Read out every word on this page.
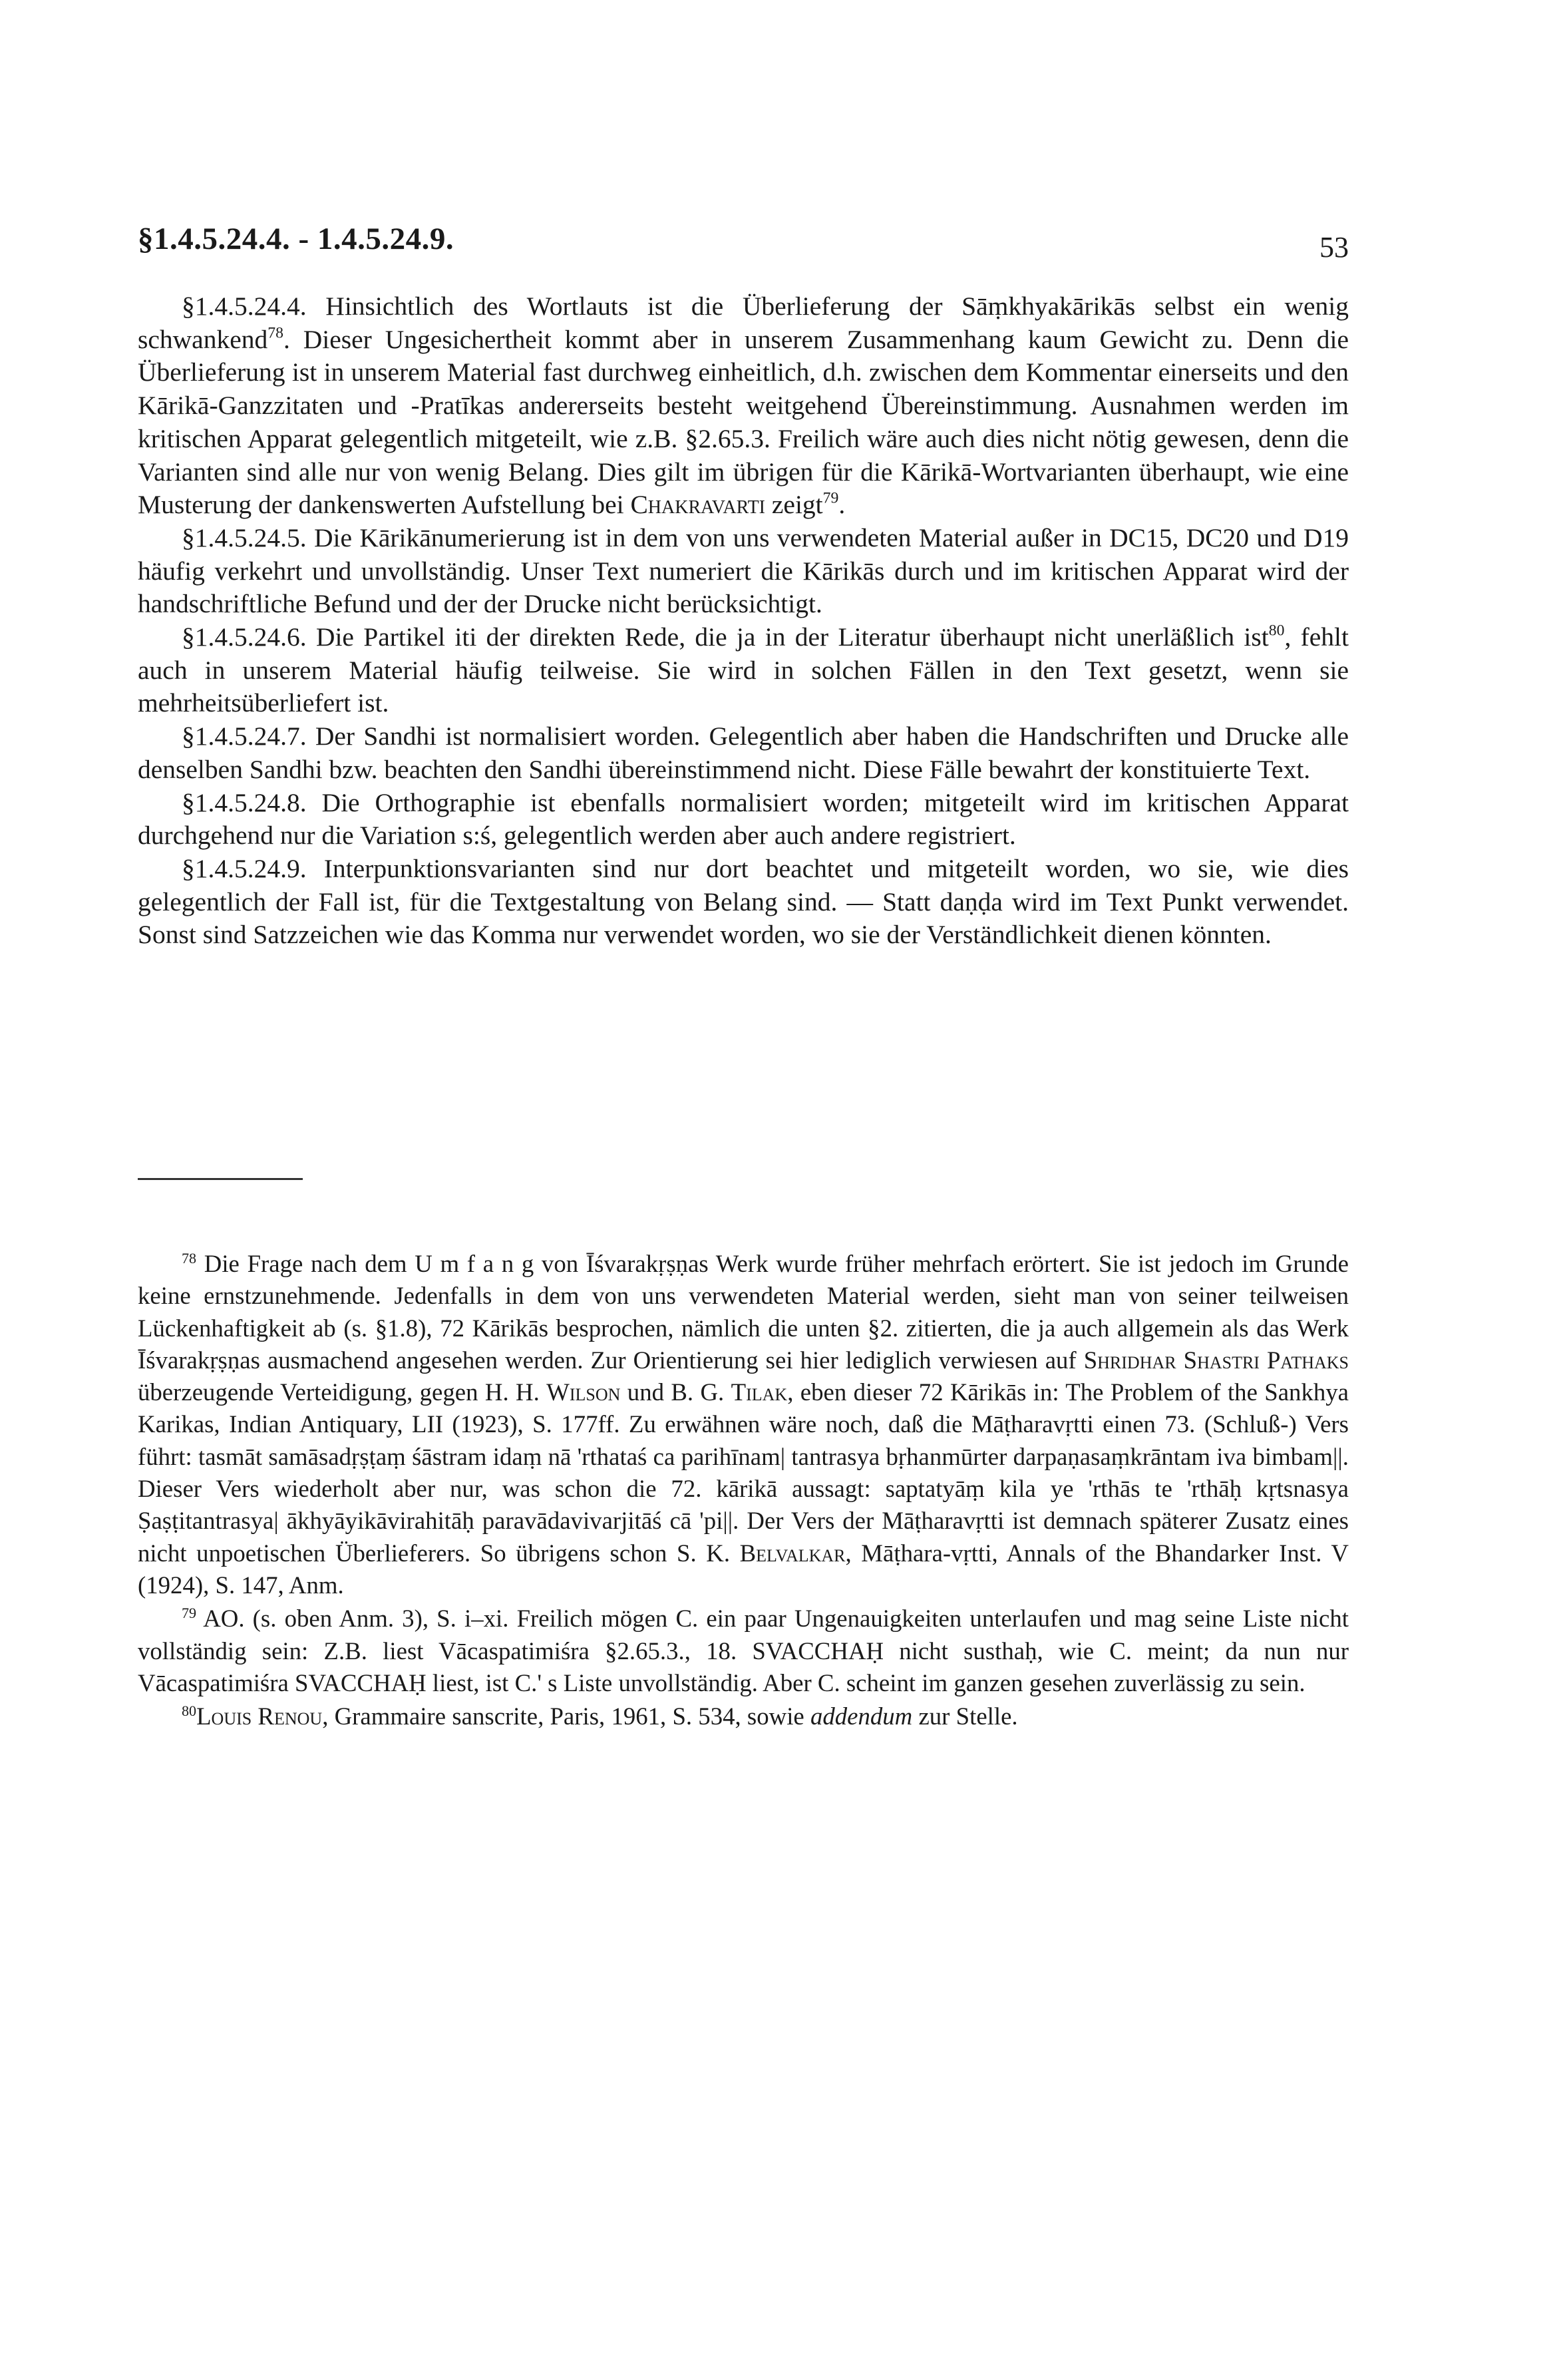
§1.4.5.24.4. - 1.4.5.24.9.	53

§1.4.5.24.4. Hinsichtlich des Wortlauts ist die Überlieferung der Sāṃkhyakārikās selbst ein wenig schwankend$^{78}$. Dieser Ungesichertheit kommt aber in unserem Zusammenhang kaum Gewicht zu. Denn die Überlieferung ist in unserem Material fast durchweg einheitlich, d.h. zwischen dem Kommentar einerseits und den Kārikā-Ganzzitaten und -Pratīkas andererseits besteht weitgehend Übereinstimmung. Ausnahmen werden im kritischen Apparat gelegentlich mitgeteilt, wie z.B. §2.65.3. Freilich wäre auch dies nicht nötig gewesen, denn die Varianten sind alle nur von wenig Belang. Dies gilt im übrigen für die Kārikā-Wortvarianten überhaupt, wie eine Musterung der dankenswerten Aufstellung bei Chakravarti zeigt$^{79}$.

§1.4.5.24.5. Die Kārikānumerierung ist in dem von uns verwendeten Material außer in DC15, DC20 und D19 häufig verkehrt und unvollständig. Unser Text numeriert die Kārikās durch und im kritischen Apparat wird der handschriftliche Befund und der der Drucke nicht berücksichtigt.

§1.4.5.24.6. Die Partikel iti der direkten Rede, die ja in der Literatur überhaupt nicht unerläßlich ist$^{80}$, fehlt auch in unserem Material häufig teilweise. Sie wird in solchen Fällen in den Text gesetzt, wenn sie mehrheitsüberliefert ist.

§1.4.5.24.7. Der Sandhi ist normalisiert worden. Gelegentlich aber haben die Handschriften und Drucke alle denselben Sandhi bzw. beachten den Sandhi übereinstimmend nicht. Diese Fälle bewahrt der konstituierte Text.

§1.4.5.24.8. Die Orthographie ist ebenfalls normalisiert worden; mitgeteilt wird im kritischen Apparat durchgehend nur die Variation s:ś, gelegentlich werden aber auch andere registriert.

§1.4.5.24.9. Interpunktionsvarianten sind nur dort beachtet und mitgeteilt worden, wo sie, wie dies gelegentlich der Fall ist, für die Textgestaltung von Belang sind. — Statt daṇḍa wird im Text Punkt verwendet. Sonst sind Satzzeichen wie das Komma nur verwendet worden, wo sie der Verständlichkeit dienen könnten.

$^{78}$ Die Frage nach dem U m f a n g von Īśvarakṛṣṇas Werk wurde früher mehrfach erörtert. Sie ist jedoch im Grunde keine ernstzunehmende. Jedenfalls in dem von uns verwendeten Material werden, sieht man von seiner teilweisen Lückenhaftigkeit ab (s. §1.8), 72 Kārikās besprochen, nämlich die unten §2. zitierten, die ja auch allgemein als das Werk Īśvarakṛṣṇas ausmachend angesehen werden. Zur Orientierung sei hier lediglich verwiesen auf Shridhar Shastri Pathaks überzeugende Verteidigung, gegen H. H. Wilson und B. G. Tilak, eben dieser 72 Kārikās in: The Problem of the Sankhya Karikas, Indian Antiquary, LII (1923), S. 177ff. Zu erwähnen wäre noch, daß die Māṭharavṛtti einen 73. (Schluß-) Vers führt: tasmāt samāsadṛṣṭaṃ śāstram idaṃ nā 'rthataś ca parihīnam| tantrasya bṛhanmūrter darpaṇasaṃkrāntam iva bimbam||. Dieser Vers wiederholt aber nur, was schon die 72. kārikā aussagt: saptatyāṃ kila ye 'rthās te 'rthāḥ kṛtsnasya Ṣaṣṭitantrasya| ākhyāyikāvirahitāḥ paravādavivarjitāś cā 'pi||. Der Vers der Māṭharavṛtti ist demnach späterer Zusatz eines nicht unpoetischen Überlieferers. So übrigens schon S. K. Belvalkar, Māṭhara-vṛtti, Annals of the Bhandarker Inst. V (1924), S. 147, Anm.

$^{79}$ AO. (s. oben Anm. 3), S. i–xi. Freilich mögen C. ein paar Ungenauigkeiten unterlaufen und mag seine Liste nicht vollständig sein: Z.B. liest Vācaspatimiśra §2.65.3., 18. SVACCHAḤ nicht susthaḥ, wie C. meint; da nun nur Vācaspatimiśra SVACCHAḤ liest, ist C.' s Liste unvollständig. Aber C. scheint im ganzen gesehen zuverlässig zu sein.

$^{80}$Louis Renou, Grammaire sanscrite, Paris, 1961, S. 534, sowie addendum zur Stelle.
